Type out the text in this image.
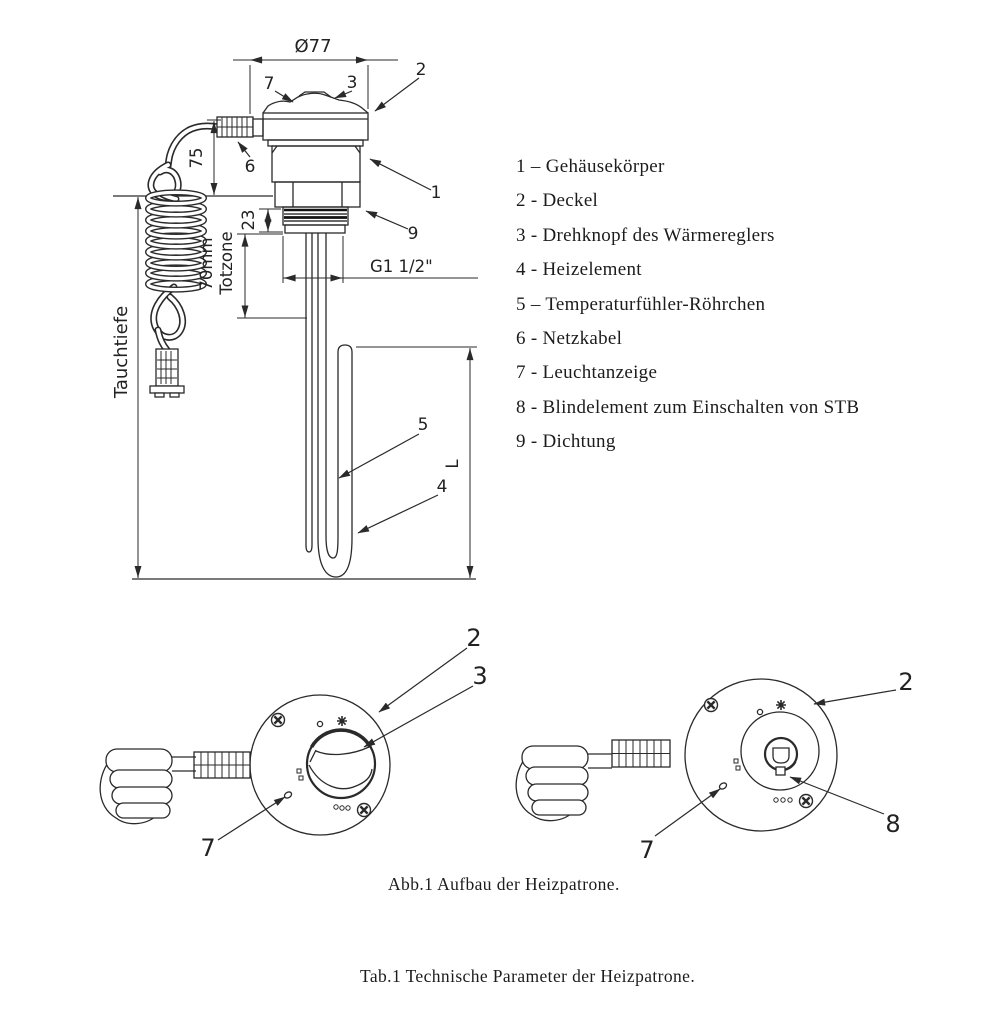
Ø77
75
Tauchtiefe
23
70mm Totzone	G1 1/2"
L
7	3
2
6
1
9
5
4
2
3
7
2
8
7
1 – Gehäusekörper
2 - Deckel
3 - Drehknopf des Wärmereglers
4 - Heizelement
5 – Temperaturfühler-Röhrchen
6 - Netzkabel
7 - Leuchtanzeige
8 - Blindelement zum Einschalten von STB
9 - Dichtung
Abb.1 Aufbau der Heizpatrone.
Tab.1 Technische Parameter der Heizpatrone.
